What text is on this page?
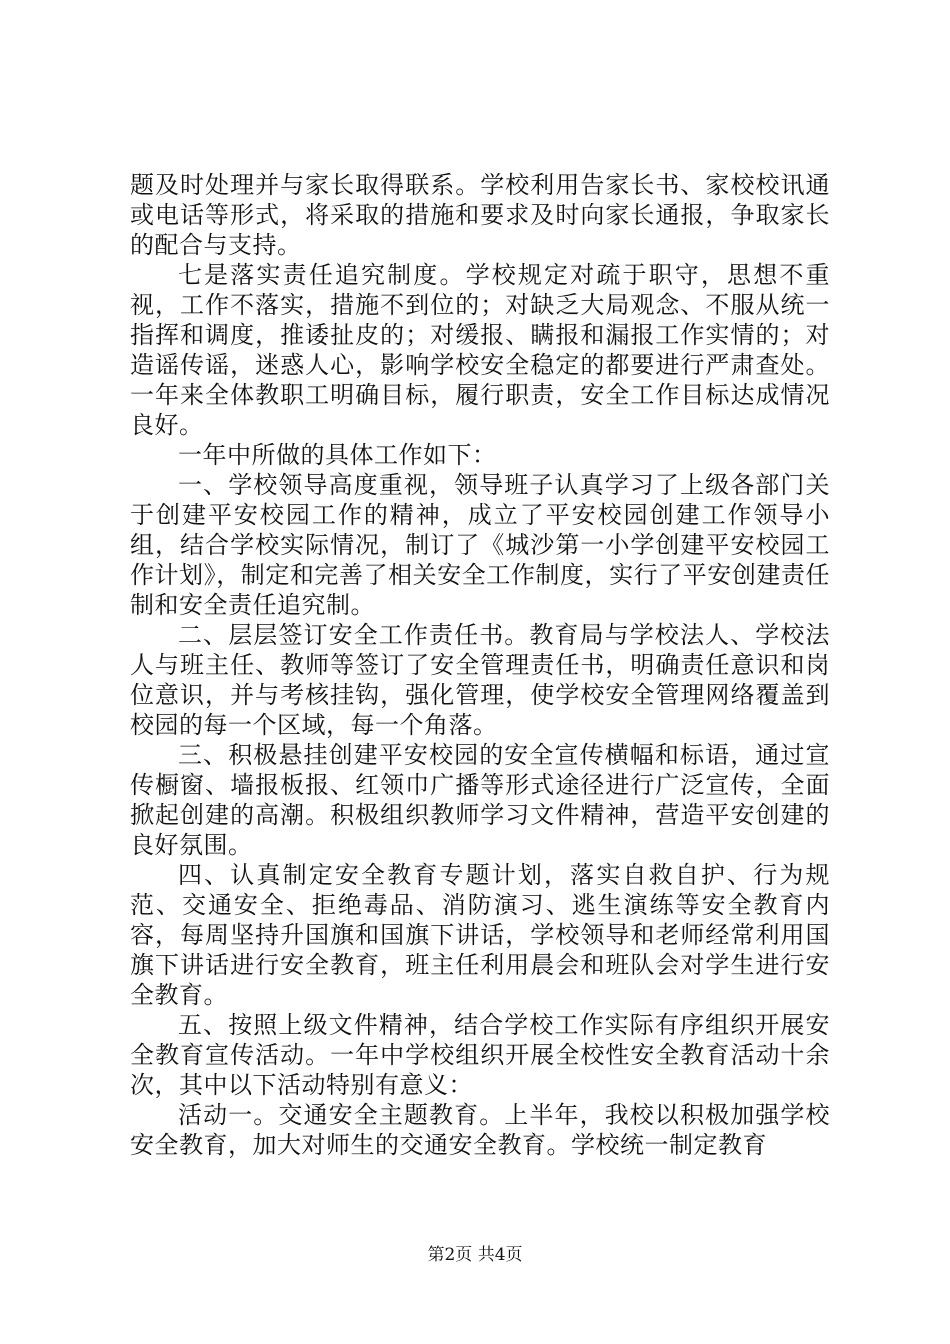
题及时处理并与家长取得联系。学校利用告家长书、家校校讯通或电话等形式，将采取的措施和要求及时向家长通报，争取家长的配合与支持。

七是落实责任追究制度。学校规定对疏于职守，思想不重视，工作不落实，措施不到位的；对缺乏大局观念、不服从统一指挥和调度，推诿扯皮的；对缓报、瞒报和漏报工作实情的；对造谣传谣，迷惑人心，影响学校安全稳定的都要进行严肃查处。一年来全体教职工明确目标，履行职责，安全工作目标达成情况良好。

一年中所做的具体工作如下：

一、学校领导高度重视，领导班子认真学习了上级各部门关于创建平安校园工作的精神，成立了平安校园创建工作领导小组，结合学校实际情况，制订了《城沙第一小学创建平安校园工作计划》，制定和完善了相关安全工作制度，实行了平安创建责任制和安全责任追究制。

二、层层签订安全工作责任书。教育局与学校法人、学校法人与班主任、教师等签订了安全管理责任书，明确责任意识和岗位意识，并与考核挂钩，强化管理，使学校安全管理网络覆盖到校园的每一个区域，每一个角落。

三、积极悬挂创建平安校园的安全宣传横幅和标语，通过宣传橱窗、墙报板报、红领巾广播等形式途径进行广泛宣传，全面掀起创建的高潮。积极组织教师学习文件精神，营造平安创建的良好氛围。

四、认真制定安全教育专题计划，落实自救自护、行为规范、交通安全、拒绝毒品、消防演习、逃生演练等安全教育内容，每周坚持升国旗和国旗下讲话，学校领导和老师经常利用国旗下讲话进行安全教育，班主任利用晨会和班队会对学生进行安全教育。

五、按照上级文件精神，结合学校工作实际有序组织开展安全教育宣传活动。一年中学校组织开展全校性安全教育活动十余次，其中以下活动特别有意义：

活动一。交通安全主题教育。上半年，我校以积极加强学校安全教育，加大对师生的交通安全教育。学校统一制定教育

第2页 共4页
